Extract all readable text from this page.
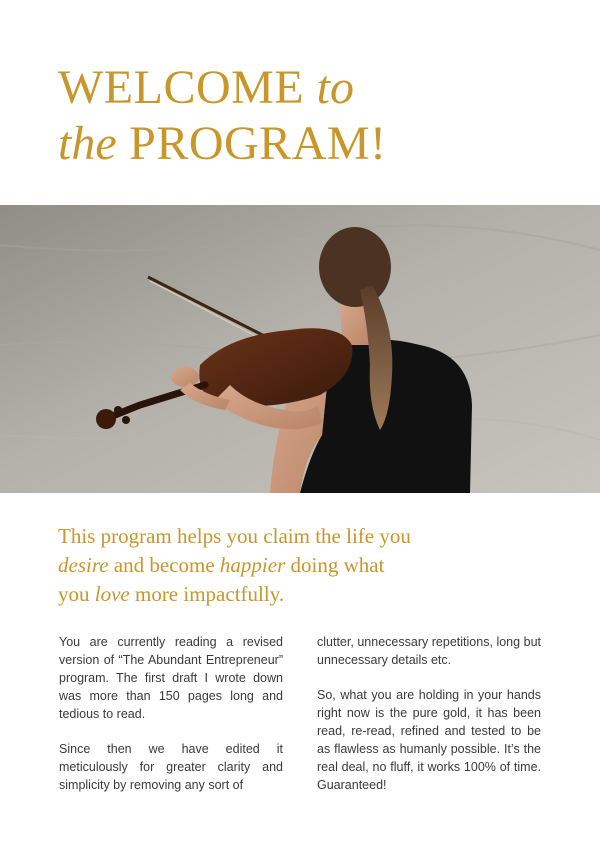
WELCOME to
the PROGRAM!
This program helps you claim the life you
desire and become happier doing what
you love more impactfully.

You are currently reading a revised version of “The Abundant Entrepreneur” program. The first draft I wrote down was more than 150 pages long and tedious to read.

Since then we have edited it meticulously for greater clarity and simplicity by removing any sort of

clutter, unnecessary repetitions, long but unnecessary details etc.

So, what you are holding in your hands right now is the pure gold, it has been read, re-read, refined and tested to be as flawless as humanly possible. It’s the real deal, no fluff, it works 100% of time. Guaranteed!
